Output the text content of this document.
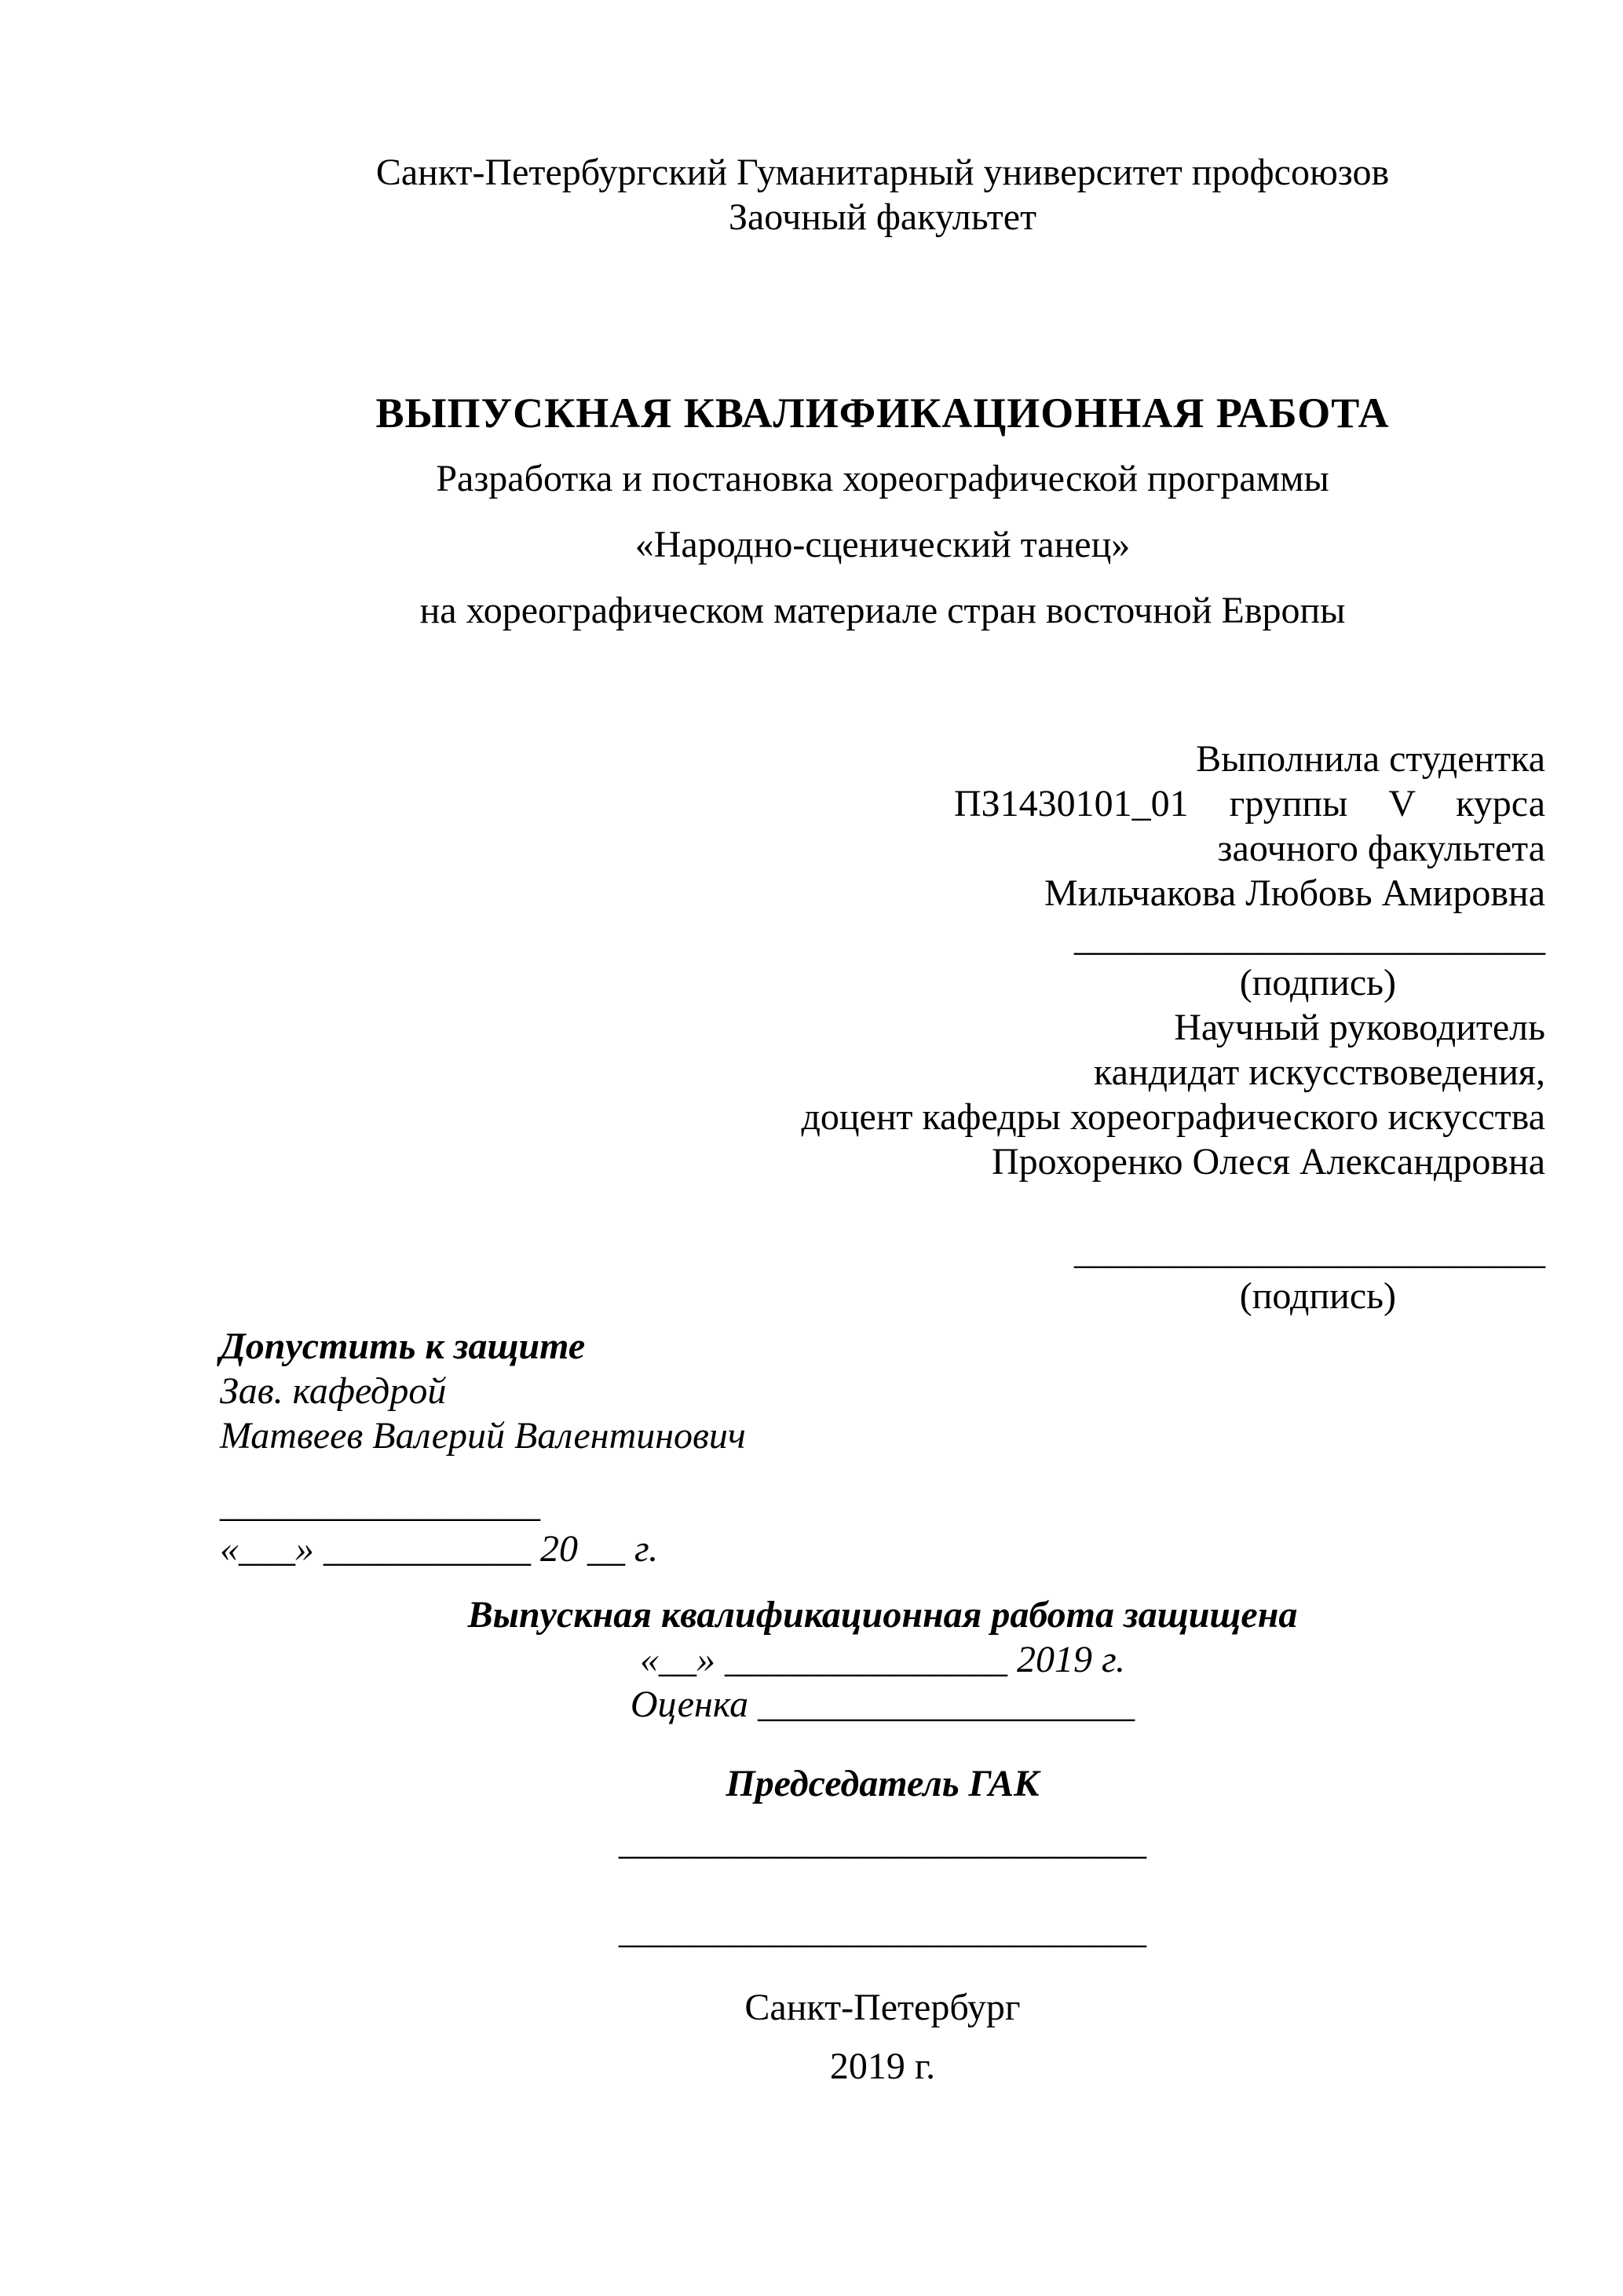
Санкт-Петербургский Гуманитарный университет профсоюзов
Заочный факультет
ВЫПУСКНАЯ КВАЛИФИКАЦИОННАЯ РАБОТА
Разработка и постановка хореографической программы
«Народно-сценический танец»
на хореографическом материале стран восточной Европы
Выполнила студентка
ПЗ1430101_01 группы V курса
заочного факультета
Мильчакова Любовь Амировна
_________________________
(подпись)
Научный руководитель
кандидат искусствоведения,
доцент кафедры хореографического искусства
Прохоренко Олеся Александровна
_________________________
(подпись)
Допустить к защите
Зав. кафедрой
Матвеев Валерий Валентинович
_________________
«___» ___________ 20 __ г.
Выпускная квалификационная работа защищена
«__» _______________ 2019 г.
Оценка ____________________
Председатель ГАК
____________________________
____________________________
Санкт-Петербург
2019 г.
